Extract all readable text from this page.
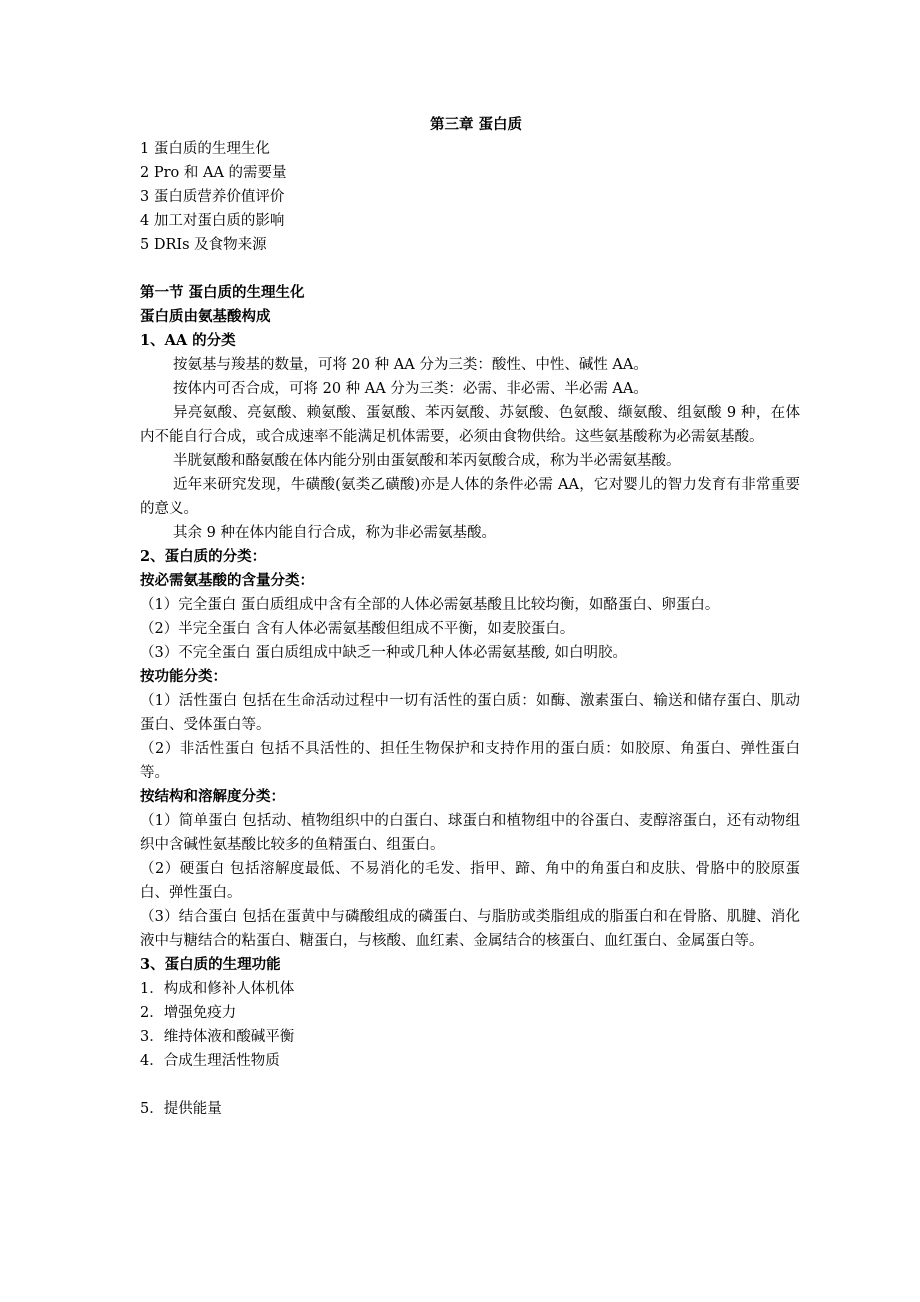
第三章 蛋白质
1 蛋白质的生理生化
2 Pro 和 AA 的需要量
3 蛋白质营养价值评价
4 加工对蛋白质的影响
5 DRIs 及食物来源
第一节 蛋白质的生理生化
蛋白质由氨基酸构成
1、AA 的分类
按氨基与羧基的数量，可将 20 种 AA 分为三类：酸性、中性、碱性 AA。
按体内可否合成，可将 20 种 AA 分为三类：必需、非必需、半必需 AA。
异亮氨酸、亮氨酸、赖氨酸、蛋氨酸、苯丙氨酸、苏氨酸、色氨酸、缬氨酸、组氨酸 9 种，在体内不能自行合成，或合成速率不能满足机体需要，必须由食物供给。这些氨基酸称为必需氨基酸。
半胱氨酸和酪氨酸在体内能分别由蛋氨酸和苯丙氨酸合成，称为半必需氨基酸。
近年来研究发现，牛磺酸(氨类乙磺酸)亦是人体的条件必需 AA，它对婴儿的智力发育有非常重要的意义。
其余 9 种在体内能自行合成，称为非必需氨基酸。
2、蛋白质的分类：
按必需氨基酸的含量分类：
（1）完全蛋白 蛋白质组成中含有全部的人体必需氨基酸且比较均衡，如酪蛋白、卵蛋白。
（2）半完全蛋白 含有人体必需氨基酸但组成不平衡，如麦胶蛋白。
（3）不完全蛋白 蛋白质组成中缺乏一种或几种人体必需氨基酸, 如白明胶。
按功能分类：
（1）活性蛋白 包括在生命活动过程中一切有活性的蛋白质：如酶、激素蛋白、输送和储存蛋白、肌动蛋白、受体蛋白等。
（2）非活性蛋白 包括不具活性的、担任生物保护和支持作用的蛋白质：如胶原、角蛋白、弹性蛋白等。
按结构和溶解度分类：
（1）简单蛋白 包括动、植物组织中的白蛋白、球蛋白和植物组中的谷蛋白、麦醇溶蛋白，还有动物组织中含碱性氨基酸比较多的鱼精蛋白、组蛋白。
（2）硬蛋白 包括溶解度最低、不易消化的毛发、指甲、蹄、角中的角蛋白和皮肤、骨胳中的胶原蛋白、弹性蛋白。
（3）结合蛋白 包括在蛋黄中与磷酸组成的磷蛋白、与脂肪或类脂组成的脂蛋白和在骨胳、肌腱、消化液中与糖结合的粘蛋白、糖蛋白，与核酸、血红素、金属结合的核蛋白、血红蛋白、金属蛋白等。
3、蛋白质的生理功能
1．构成和修补人体机体
2．增强免疫力
3．维持体液和酸碱平衡
4．合成生理活性物质
5．提供能量
